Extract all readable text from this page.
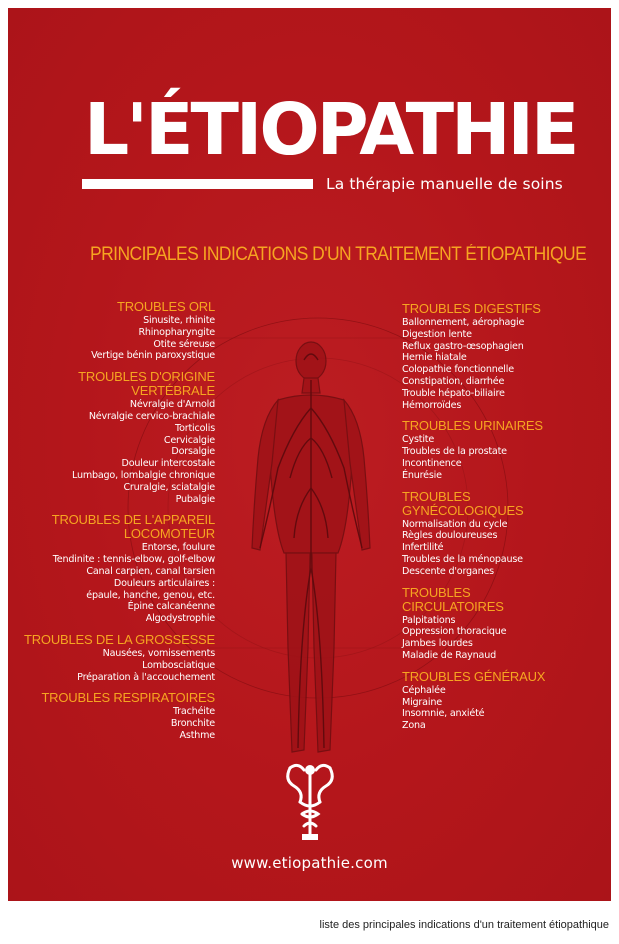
L'ÉTIOPATHIE
La thérapie manuelle de soins
PRINCIPALES INDICATIONS D'UN TRAITEMENT ÉTIOPATHIQUE
TROUBLES ORL
Sinusite, rhinite
Rhinopharyngite
Otite séreuse
Vertige bénin paroxystique
TROUBLES D'ORIGINE
VERTÉBRALE
Névralgie d'Arnold
Névralgie cervico-brachiale
Torticolis
Cervicalgie
Dorsalgie
Douleur intercostale
Lumbago, lombalgie chronique
Cruralgie, sciatalgie
Pubalgie
TROUBLES DE L'APPAREIL
LOCOMOTEUR
Entorse, foulure
Tendinite : tennis-elbow, golf-elbow
Canal carpien, canal tarsien
Douleurs articulaires :
épaule, hanche, genou, etc.
Épine calcanéenne
Algodystrophie
TROUBLES DE LA GROSSESSE
Nausées, vomissements
Lombosciatique
Préparation à l'accouchement
TROUBLES RESPIRATOIRES
Trachéite
Bronchite
Asthme
TROUBLES DIGESTIFS
Ballonnement, aérophagie
Digestion lente
Reflux gastro-œsophagien
Hernie hiatale
Colopathie fonctionnelle
Constipation, diarrhée
Trouble hépato-biliaire
Hémorroïdes
TROUBLES URINAIRES
Cystite
Troubles de la prostate
Incontinence
Énurésie
TROUBLES
GYNÉCOLOGIQUES
Normalisation du cycle
Règles douloureuses
Infertilité
Troubles de la ménopause
Descente d'organes
TROUBLES
CIRCULATOIRES
Palpitations
Oppression thoracique
Jambes lourdes
Maladie de Raynaud
TROUBLES GÉNÉRAUX
Céphalée
Migraine
Insomnie, anxiété
Zona
www.etiopathie.com
liste des principales indications d'un traitement étiopathique
